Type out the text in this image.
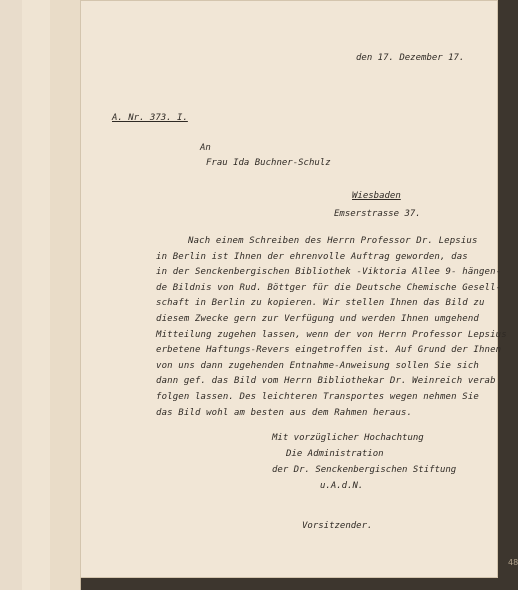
den 17. Dezember 17.
A. Nr. 373. I.
An
Frau Ida Buchner-Schulz
Wiesbaden
Emserstrasse 37.
Nach einem Schreiben des Herrn Professor Dr. Lepsius
in Berlin ist Ihnen der ehrenvolle Auftrag geworden, das
in der Senckenbergischen Bibliothek -Viktoria Allee 9- hängen-
de Bildnis von Rud. Böttger für die Deutsche Chemische Gesell-
schaft in Berlin zu kopieren. Wir stellen Ihnen das Bild zu
diesem Zwecke gern zur Verfügung und werden Ihnen umgehend
Mitteilung zugehen lassen, wenn der von Herrn Professor Lepsius
erbetene Haftungs-Revers eingetroffen ist. Auf Grund der Ihnen
von uns dann zugehenden Entnahme-Anweisung sollen Sie sich
dann gef. das Bild vom Herrn Bibliothekar Dr. Weinreich verab
folgen lassen. Des leichteren Transportes wegen nehmen Sie
das Bild wohl am besten aus dem Rahmen heraus.
Mit vorzüglicher Hochachtung
Die Administration
der Dr. Senckenbergischen Stiftung
u.A.d.N.
Vorsitzender.
48
